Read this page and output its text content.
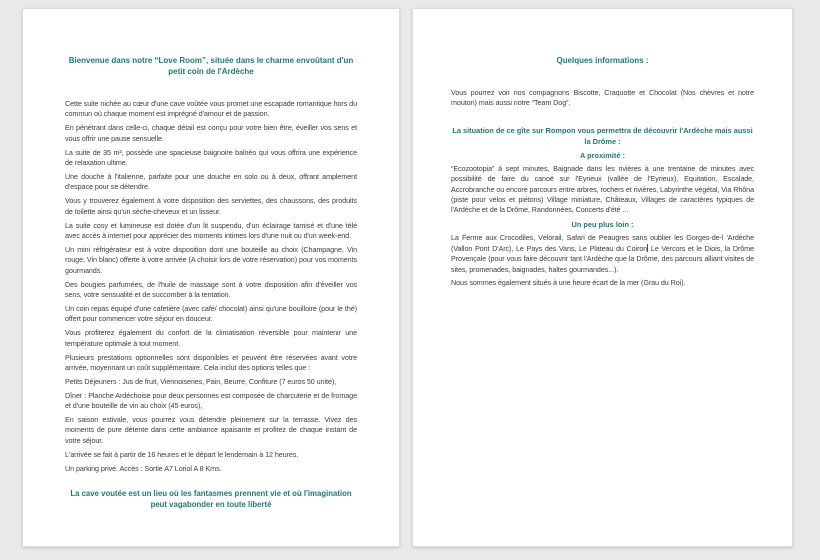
Bienvenue dans notre “Love Room”, située dans le charme envoûtant d'un petit coin de l'Ardèche

Cette suite nichée au cœur d'une cave voûtée vous promet une escapade romantique hors du commun où chaque moment est imprégné d'amour et de passion.

En pénétrant dans celle-ci, chaque détail est conçu pour votre bien être, éveiller vos sens et vous offrir une pause sensuelle.

La suite de 35 m², possède une spacieuse baignoire balnéo qui vous offrira une expérience de relaxation ultime.

Une douche à l'italienne, parfaite pour une douche en solo ou à deux, offrant amplement d'espace pour se détendre.

Vous y trouverez également à votre disposition des serviettes, des chaussons, des produits de toilette ainsi qu'un sèche-cheveux et un lisseur.

La suite cosy et lumineuse est dotée d'un lit suspendu, d'un éclairage tamisé et d'une télé avec accès à internet pour apprécier des moments intimes lors d'une nuit ou d'un week-end.

Un mini réfrigérateur est à votre disposition dont une bouteille au choix (Champagne, Vin rouge, Vin blanc) offerte à votre arrivée (A choisir lors de votre réservation) pour vos moments gourmands.

Des bougies parfumées, de l'huile de massage sont à votre disposition afin d'éveiller vos sens, votre sensualité et de succomber à la tentation.

Un coin repas équipé d'une cafetière (avec café/ chocolat) ainsi qu'une bouilloire (pour le thé) offert pour commencer votre séjour en douceur.

Vous profiterez également du confort de la climatisation réversible pour maintenir une température optimale à tout moment.

Plusieurs prestations optionnelles sont disponibles et peuvent être réservées avant votre arrivée, moyennant un coût supplémentaire. Cela inclut des options telles que :

Petits Déjeuners : Jus de fruit, Viennoiseries, Pain, Beurre, Confiture (7 euros 50 unité),

Dîner : Planche Ardéchoise pour deux personnes est composée de charcuterie et de fromage et d'une bouteille de vin au choix (45 euros),

En saison estivale, vous pourrez vous détendre pleinement sur la terrasse. Vivez des moments de pure détente dans cette ambiance apaisante et profitez de chaque instant de votre séjour.

L'arrivée se fait à partir de 16 heures et le départ le lendemain à 12 heures.

Un parking privé. Accès : Sortie A7 Loriol A 8 Kms.

La cave voutée est un lieu où les fantasmes prennent vie et où l'imagination peut vagabonder en toute liberté

Quelques informations :

Vous pourrez voir nos compagnons Biscotte, Craquotte et Chocolat (Nos chèvres et notre mouton) mais aussi notre “Team Dog”.

La situation de ce gîte sur Rompon vous permettra de découvrir l'Ardèche mais aussi la Drôme :

A proximité :

“Ecozootopia” à sept minutes, Baignade dans les rivières à une trentaine de minutes avec possibilité de faire du canoë sur l'Eyrieux (vallée de l'Eyrieux), Equitation, Escalade, Accrobranche ou encore parcours entre arbres, rochers et rivières, Labyrinthe végétal, Via Rhôna (piste pour vélos et piétons) Village miniature, Châteaux, Villages de caractères typiques de l'Ardèche et de la Drôme, Randonnées, Concerts d'été ...

Un peu plus loin :

La Ferme aux Crocodiles, Vélorail, Safari de Peaugres sans oublier les Gorges-de-l 'Ardèche (Vallon Pont D'Arc), Le Pays des Vans, Le Plateau du Coiron Le Vercors et le Diois, la Drôme Provençale (pour vous faire découvrir tant l'Ardèche que la Drôme, des parcours alliant visites de sites, promenades, baignades, haltes gourmandes...).

Nous sommes également situés à une heure écart de la mer (Grau du Roi).
